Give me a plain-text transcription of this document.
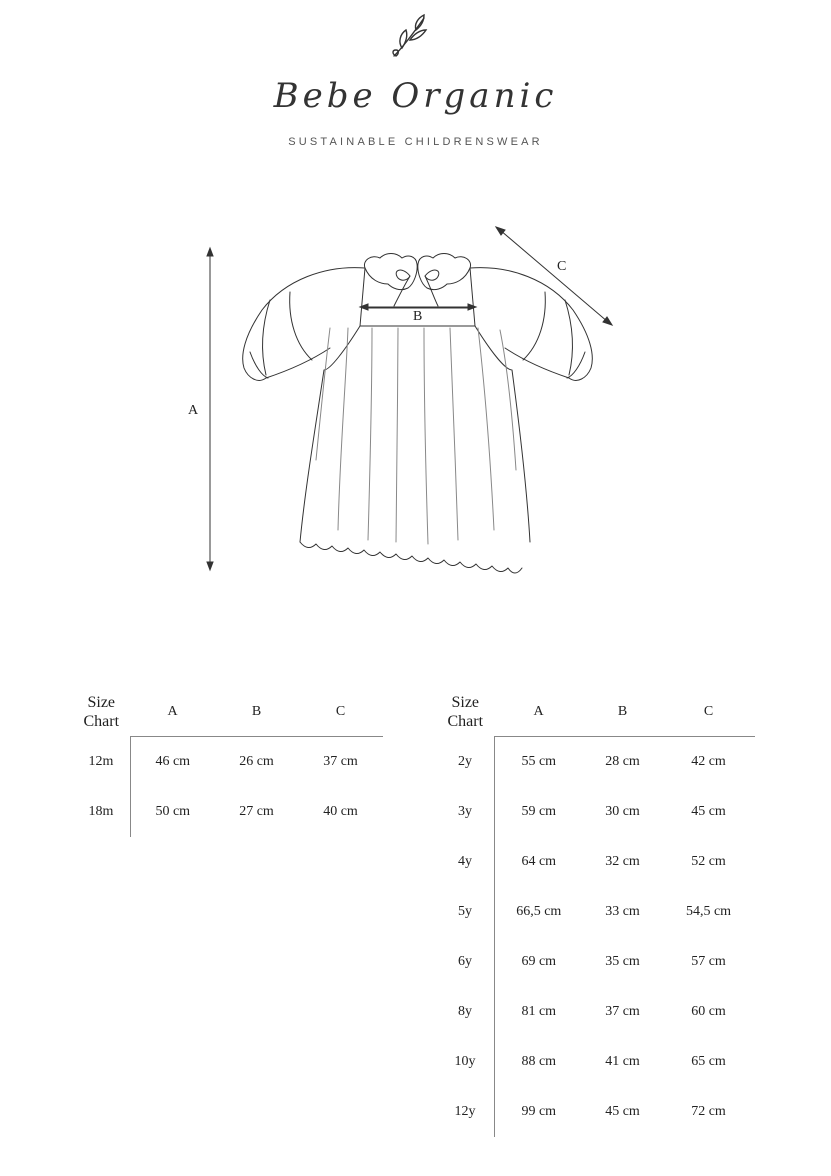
Bebe Organic
SUSTAINABLE CHILDRENSWEAR
A
B
C
Size
Chart	A	B	C
12m	46 cm	26 cm	37 cm
18m	50 cm	27 cm	40 cm
Size
Chart	A	B	C
2y	55 cm	28 cm	42 cm
3y	59 cm	30 cm	45 cm
4y	64 cm	32 cm	52 cm
5y	66,5 cm	33 cm	54,5 cm
6y	69 cm	35 cm	57 cm
8y	81 cm	37 cm	60 cm
10y	88 cm	41 cm	65 cm
12y	99 cm	45 cm	72 cm
